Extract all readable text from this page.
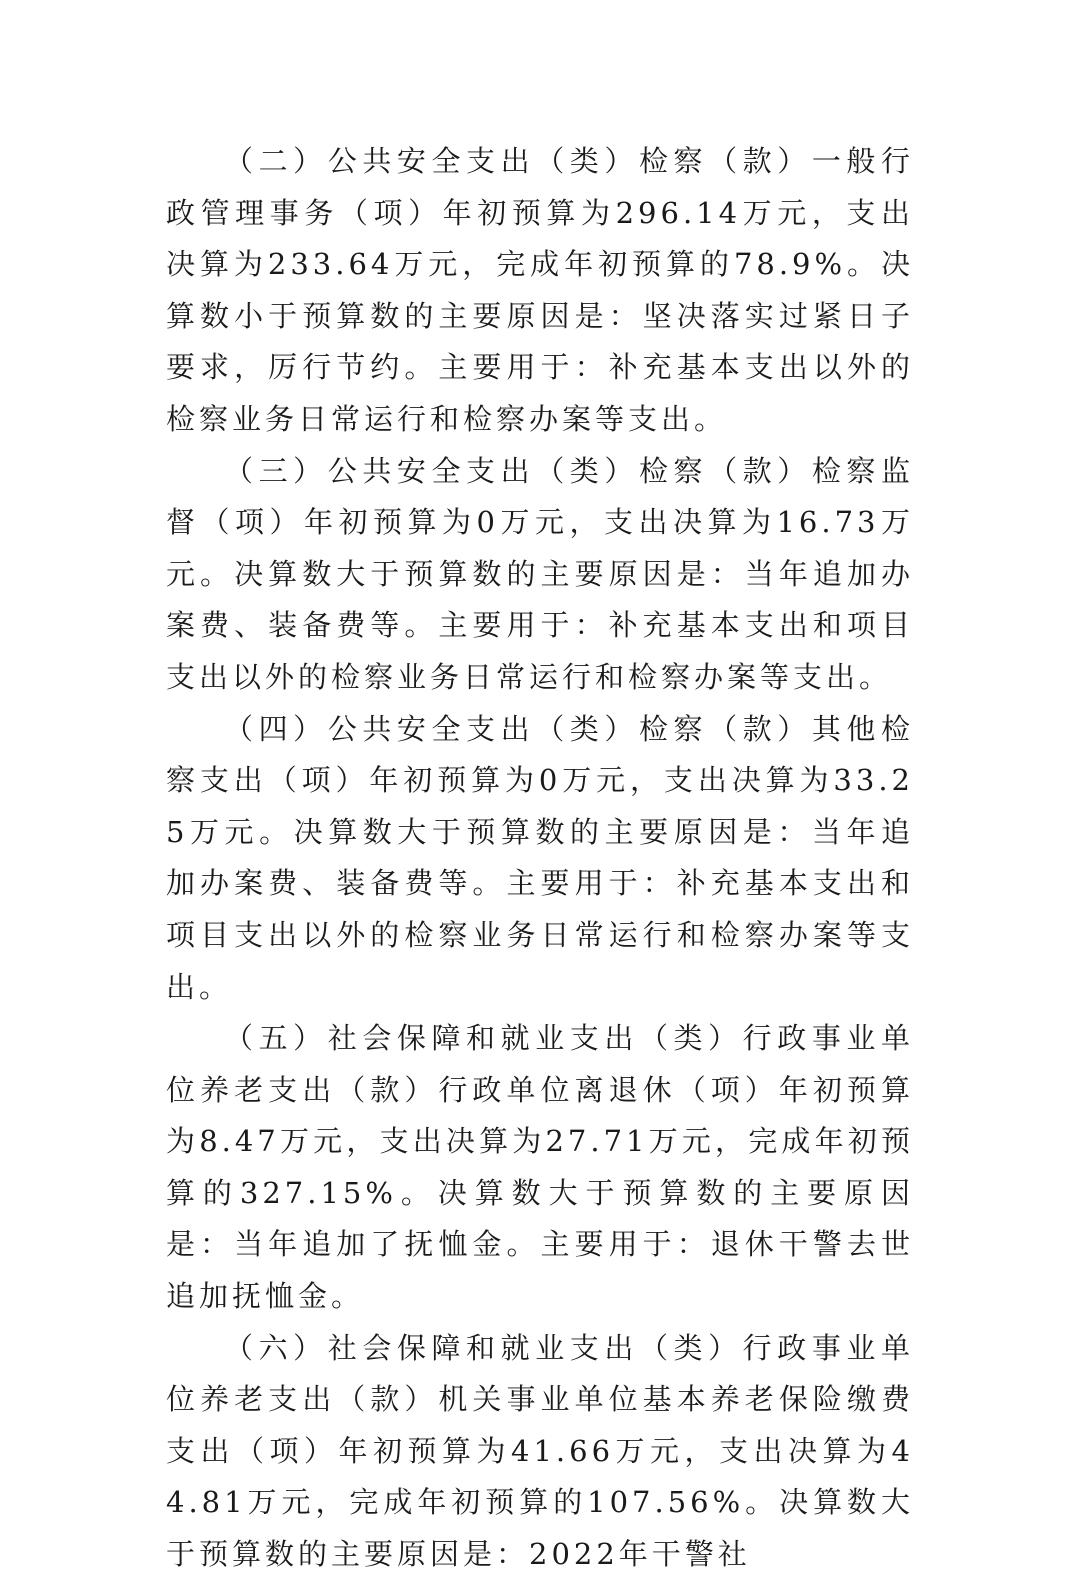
（二）公共安全支出（类）检察（款）一般行政管理事务（项）年初预算为296.14万元，支出决算为233.64万元，完成年初预算的78.9%。决算数小于预算数的主要原因是：坚决落实过紧日子要求，厉行节约。主要用于：补充基本支出以外的检察业务日常运行和检察办案等支出。

（三）公共安全支出（类）检察（款）检察监督（项）年初预算为0万元，支出决算为16.73万元。决算数大于预算数的主要原因是：当年追加办案费、装备费等。主要用于：补充基本支出和项目支出以外的检察业务日常运行和检察办案等支出。

（四）公共安全支出（类）检察（款）其他检察支出（项）年初预算为0万元，支出决算为33.25万元。决算数大于预算数的主要原因是：当年追加办案费、装备费等。主要用于：补充基本支出和项目支出以外的检察业务日常运行和检察办案等支出。

（五）社会保障和就业支出（类）行政事业单位养老支出（款）行政单位离退休（项）年初预算为8.47万元，支出决算为27.71万元，完成年初预算的327.15%。决算数大于预算数的主要原因是：当年追加了抚恤金。主要用于：退休干警去世追加抚恤金。

（六）社会保障和就业支出（类）行政事业单位养老支出（款）机关事业单位基本养老保险缴费支出（项）年初预算为41.66万元，支出决算为44.81万元，完成年初预算的107.56%。决算数大于预算数的主要原因是：2022年干警社
